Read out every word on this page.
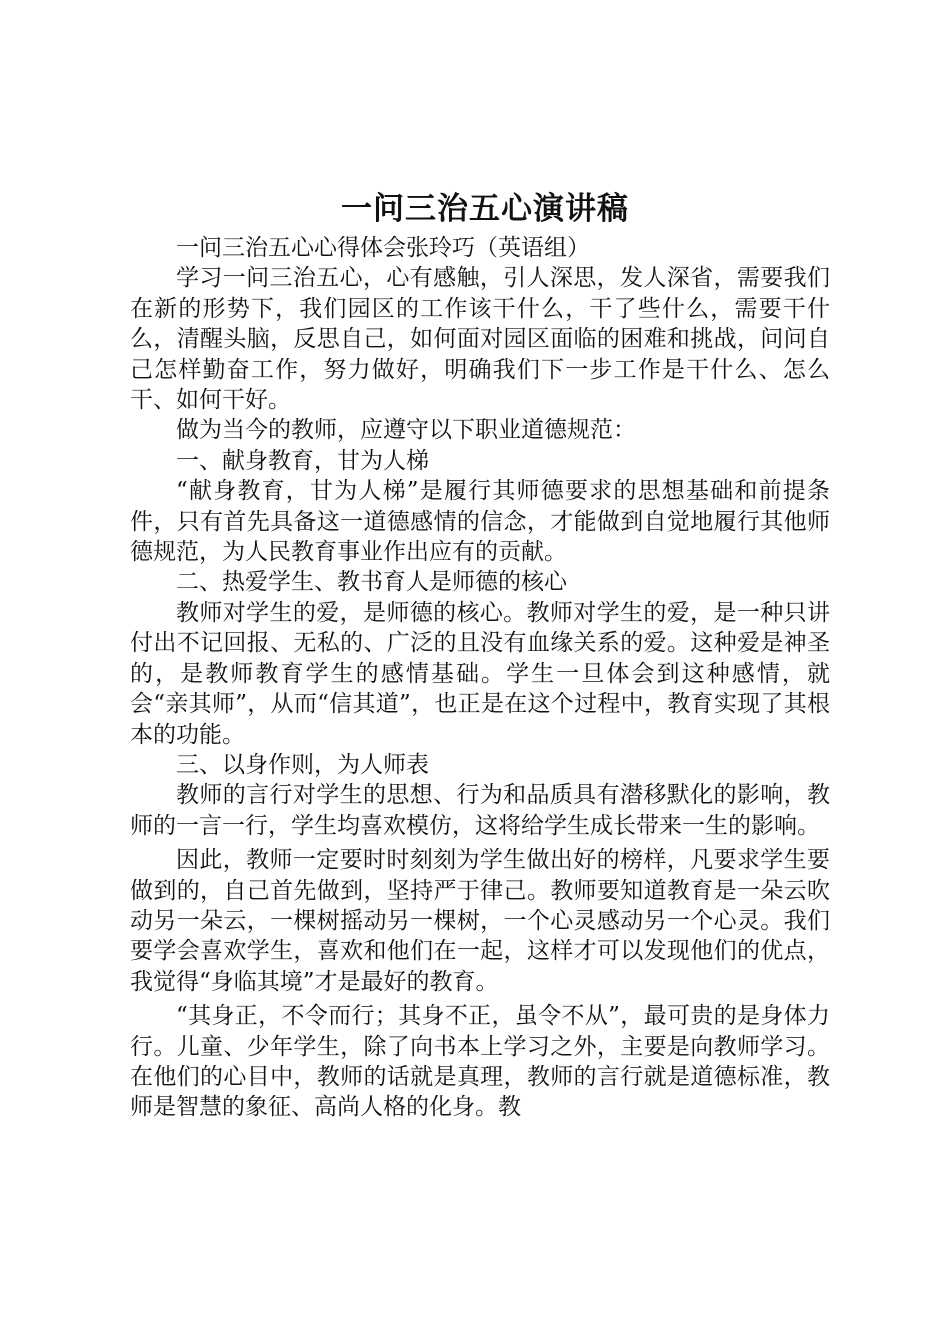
一问三治五心演讲稿

一问三治五心心得体会张玲巧（英语组）

学习一问三治五心，心有感触，引人深思，发人深省，需要我们在新的形势下，我们园区的工作该干什么，干了些什么，需要干什么，清醒头脑，反思自己，如何面对园区面临的困难和挑战，问问自己怎样勤奋工作，努力做好，明确我们下一步工作是干什么、怎么干、如何干好。

做为当今的教师，应遵守以下职业道德规范：

一、献身教育，甘为人梯

“献身教育，甘为人梯”是履行其师德要求的思想基础和前提条件，只有首先具备这一道德感情的信念，才能做到自觉地履行其他师德规范，为人民教育事业作出应有的贡献。

二、热爱学生、教书育人是师德的核心

教师对学生的爱，是师德的核心。教师对学生的爱，是一种只讲付出不记回报、无私的、广泛的且没有血缘关系的爱。这种爱是神圣的，是教师教育学生的感情基础。学生一旦体会到这种感情，就会“亲其师”，从而“信其道”，也正是在这个过程中，教育实现了其根本的功能。

三、以身作则，为人师表

教师的言行对学生的思想、行为和品质具有潜移默化的影响，教师的一言一行，学生均喜欢模仿，这将给学生成长带来一生的影响。

因此，教师一定要时时刻刻为学生做出好的榜样，凡要求学生要做到的，自己首先做到，坚持严于律己。教师要知道教育是一朵云吹动另一朵云，一棵树摇动另一棵树，一个心灵感动另一个心灵。我们要学会喜欢学生，喜欢和他们在一起，这样才可以发现他们的优点，我觉得“身临其境”才是最好的教育。

“其身正，不令而行；其身不正，虽令不从”，最可贵的是身体力行。儿童、少年学生，除了向书本上学习之外，主要是向教师学习。在他们的心目中，教师的话就是真理，教师的言行就是道德标准，教师是智慧的象征、高尚人格的化身。教
